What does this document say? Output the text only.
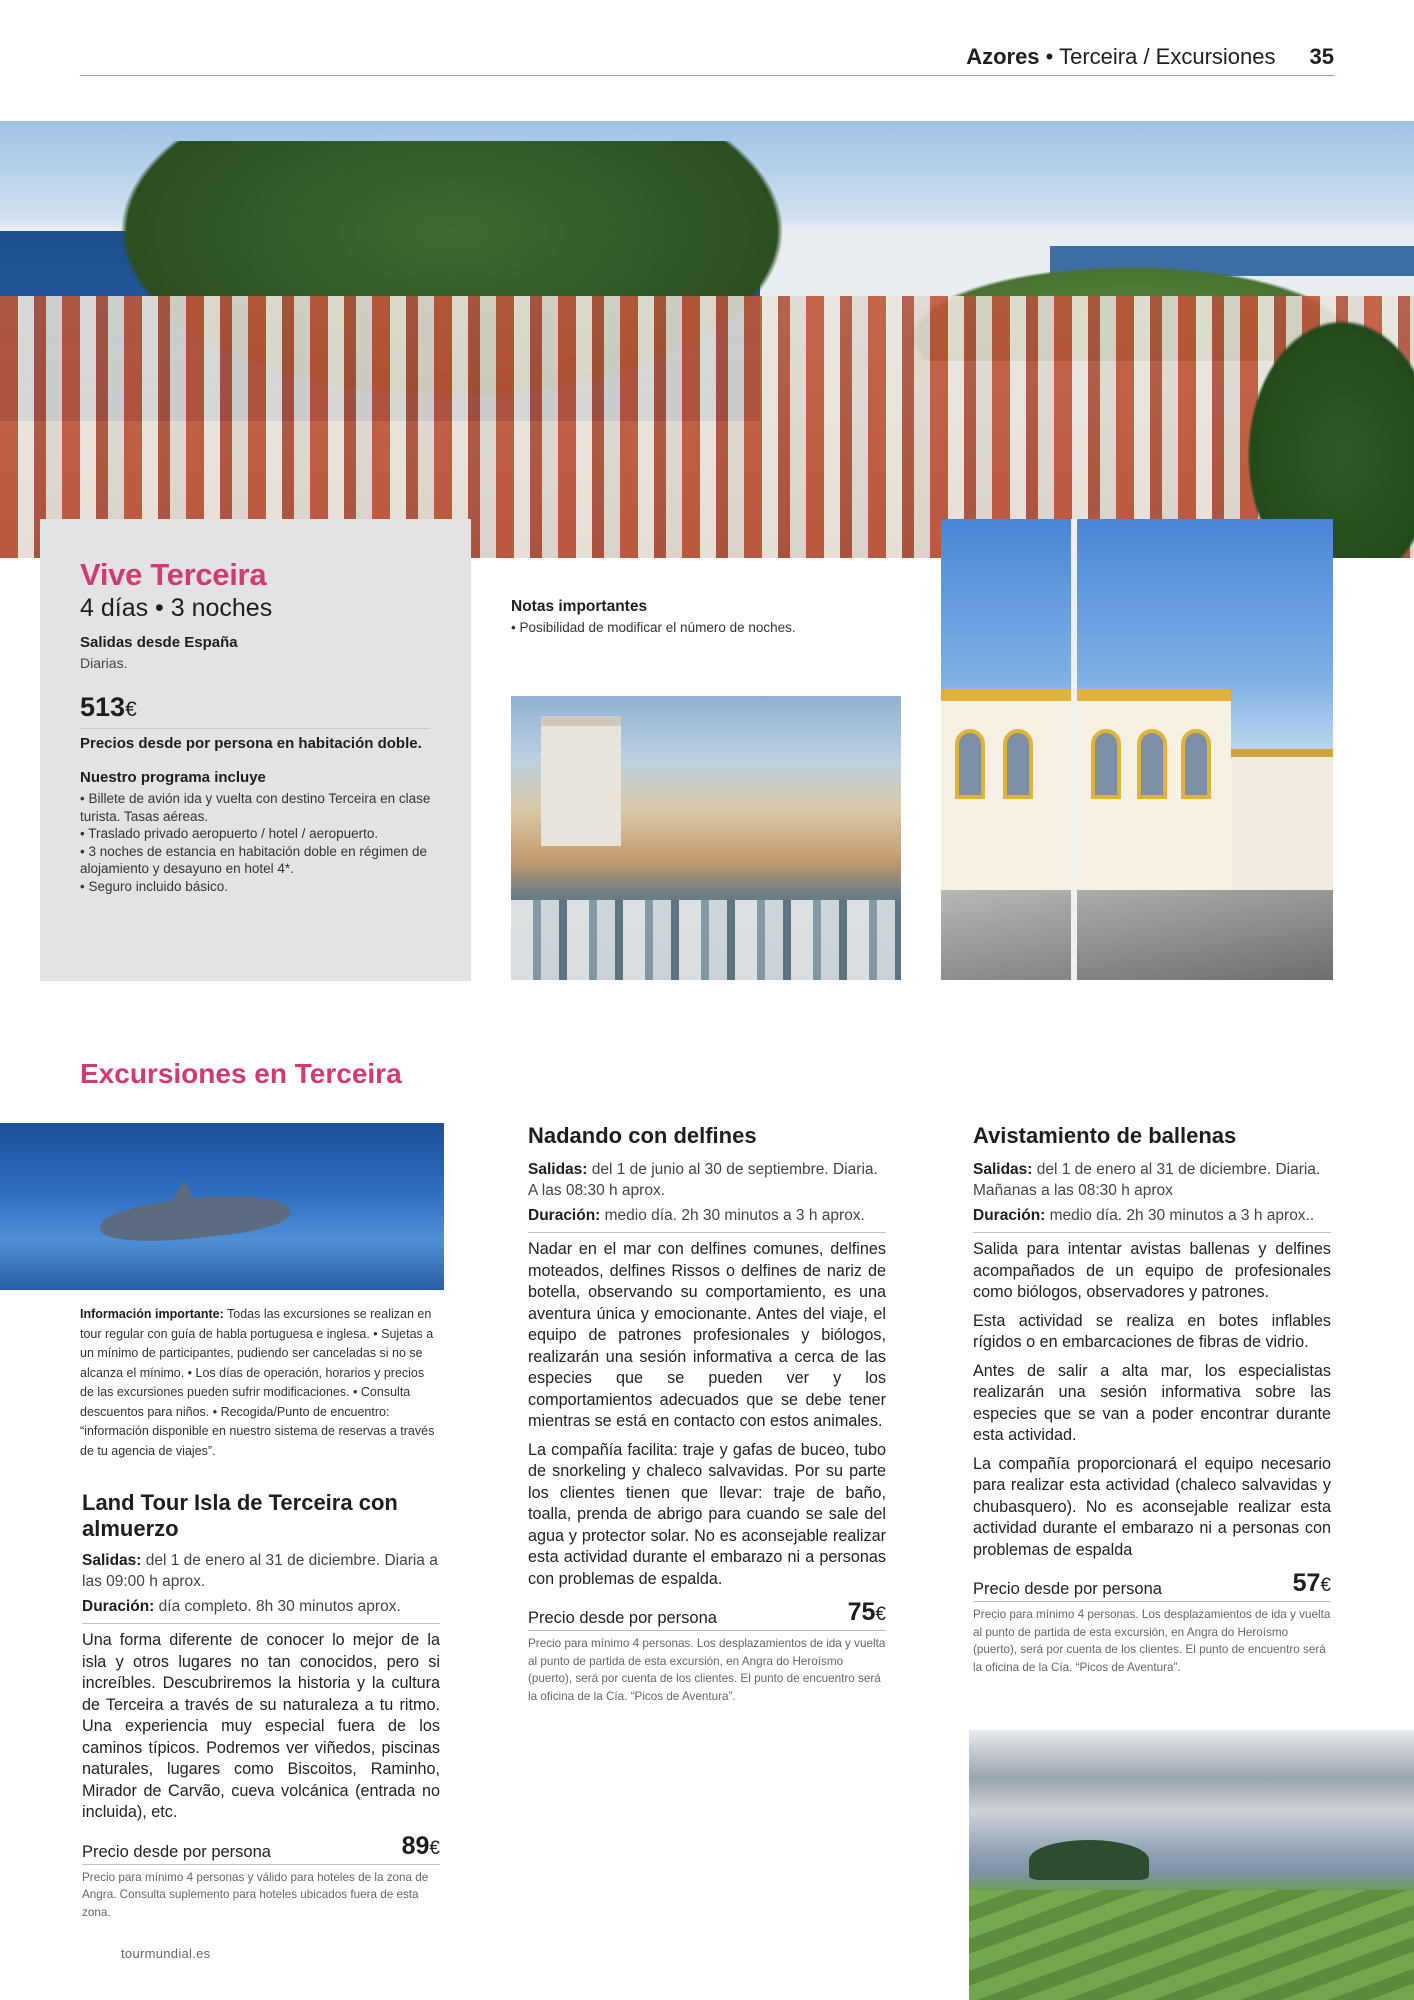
Azores • Terceira / Excursiones 35
Vive Terceira
4 días • 3 noches
Salidas desde España
Diarias.
513€
Precios desde por persona en habitación doble.
Nuestro programa incluye
• Billete de avión ida y vuelta con destino Terceira en clase turista. Tasas aéreas.
• Traslado privado aeropuerto / hotel / aeropuerto.
• 3 noches de estancia en habitación doble en régimen de alojamiento y desayuno en hotel 4*.
• Seguro incluido básico.
Notas importantes
• Posibilidad de modificar el número de noches.
Excursiones en Terceira
Información importante: Todas las excursiones se realizan en tour regular con guía de habla portuguesa e inglesa. • Sujetas a un mínimo de participantes, pudiendo ser canceladas si no se alcanza el mínimo. • Los días de operación, horarios y precios de las excursiones pueden sufrir modificaciones. • Consulta descuentos para niños. • Recogida/Punto de encuentro: “información disponible en nuestro sistema de reservas a través de tu agencia de viajes”.
Land Tour Isla de Terceira con almuerzo
Salidas: del 1 de enero al 31 de diciembre. Diaria a las 09:00 h aprox.
Duración: día completo. 8h 30 minutos aprox.

Una forma diferente de conocer lo mejor de la isla y otros lugares no tan conocidos, pero si increíbles. Descubriremos la historia y la cultura de Terceira a través de su naturaleza a tu ritmo. Una experiencia muy especial fuera de los caminos típicos. Podremos ver viñedos, piscinas naturales, lugares como Biscoitos, Raminho, Mirador de Carvão, cueva volcánica (entrada no incluida), etc.

Precio desde por persona	89€
Precio para mínimo 4 personas y válido para hoteles de la zona de Angra. Consulta suplemento para hoteles ubicados fuera de esta zona.
Nadando con delfines
Salidas: del 1 de junio al 30 de septiembre. Diaria. A las 08:30 h aprox.
Duración: medio día. 2h 30 minutos a 3 h aprox.

Nadar en el mar con delfines comunes, delfines moteados, delfines Rissos o delfines de nariz de botella, observando su comportamiento, es una aventura única y emocionante. Antes del viaje, el equipo de patrones profesionales y biólogos, realizarán una sesión informativa a cerca de las especies que se pueden ver y los comportamientos adecuados que se debe tener mientras se está en contacto con estos animales.

La compañía facilita: traje y gafas de buceo, tubo de snorkeling y chaleco salvavidas. Por su parte los clientes tienen que llevar: traje de baño, toalla, prenda de abrigo para cuando se sale del agua y protector solar. No es aconsejable realizar esta actividad durante el embarazo ni a personas con problemas de espalda.

Precio desde por persona	75€
Precio para mínimo 4 personas. Los desplazamientos de ida y vuelta al punto de partida de esta excursión, en Angra do Heroísmo (puerto), será por cuenta de los clientes. El punto de encuentro será la oficina de la Cía. “Picos de Aventura”.
Avistamiento de ballenas
Salidas: del 1 de enero al 31 de diciembre. Diaria. Mañanas a las 08:30 h aprox
Duración: medio día. 2h 30 minutos a 3 h aprox..

Salida para intentar avistas ballenas y delfines acompañados de un equipo de profesionales como biólogos, observadores y patrones.

Esta actividad se realiza en botes inflables rígidos o en embarcaciones de fibras de vidrio.

Antes de salir a alta mar, los especialistas realizarán una sesión informativa sobre las especies que se van a poder encontrar durante esta actividad.

La compañía proporcionará el equipo necesario para realizar esta actividad (chaleco salvavidas y chubasquero). No es aconsejable realizar esta actividad durante el embarazo ni a personas con problemas de espalda

Precio desde por persona	57€
Precio para mínimo 4 personas. Los desplazamientos de ida y vuelta al punto de partida de esta excursión, en Angra do Heroísmo (puerto), será por cuenta de los clientes. El punto de encuentro será la oficina de la Cía. “Picos de Aventura”.
tourmundial.es
